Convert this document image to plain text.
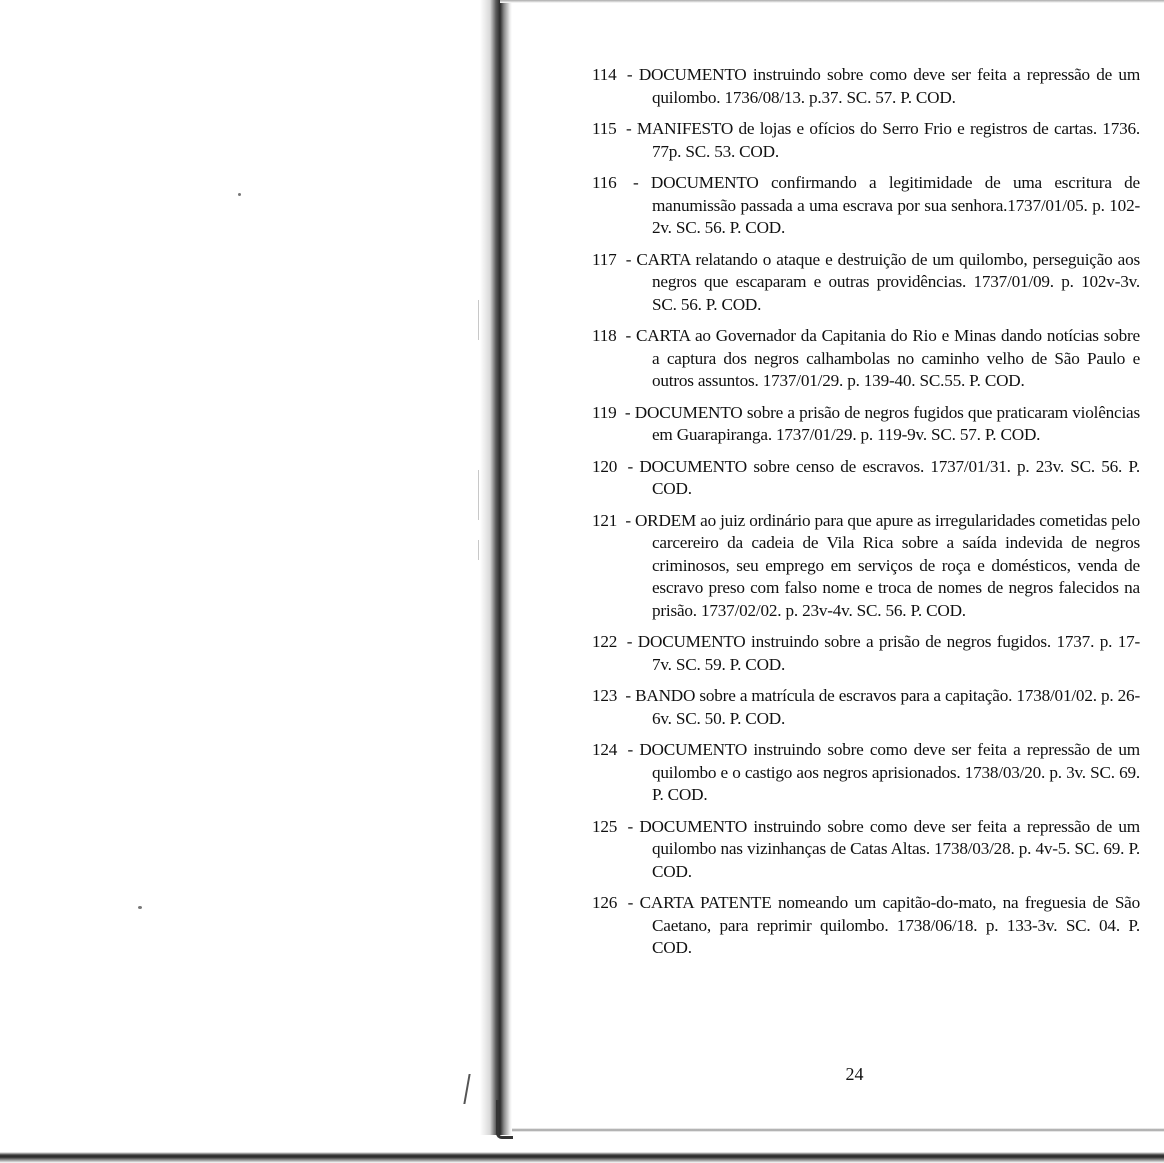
114 - DOCUMENTO instruindo sobre como deve ser feita a repressão de um quilombo. 1736/08/13. p.37. SC. 57. P. COD.
115 - MANIFESTO de lojas e ofícios do Serro Frio e registros de cartas. 1736. 77p. SC. 53. COD.
116 - DOCUMENTO confirmando a legitimidade de uma escritura de manumissão passada a uma escrava por sua senhora.1737/01/05. p. 102-2v. SC. 56. P. COD.
117 - CARTA relatando o ataque e destruição de um quilombo, perseguição aos negros que escaparam e outras providências. 1737/01/09. p. 102v-3v. SC. 56. P. COD.
118 - CARTA ao Governador da Capitania do Rio e Minas dando notícias sobre a captura dos negros calhambolas no caminho velho de São Paulo e outros assuntos. 1737/01/29. p. 139-40. SC.55. P. COD.
119 - DOCUMENTO sobre a prisão de negros fugidos que praticaram violências em Guarapiranga. 1737/01/29. p. 119-9v. SC. 57. P. COD.
120 - DOCUMENTO sobre censo de escravos. 1737/01/31. p. 23v. SC. 56. P. COD.
121 - ORDEM ao juiz ordinário para que apure as irregularidades cometidas pelo carcereiro da cadeia de Vila Rica sobre a saída indevida de negros criminosos, seu emprego em serviços de roça e domésticos, venda de escravo preso com falso nome e troca de nomes de negros falecidos na prisão. 1737/02/02. p. 23v-4v. SC. 56. P. COD.
122 - DOCUMENTO instruindo sobre a prisão de negros fugidos. 1737. p. 17-7v. SC. 59. P. COD.
123 - BANDO sobre a matrícula de escravos para a capitação. 1738/01/02. p. 26-6v. SC. 50. P. COD.
124 - DOCUMENTO instruindo sobre como deve ser feita a repressão de um quilombo e o castigo aos negros aprisionados. 1738/03/20. p. 3v. SC. 69. P. COD.
125 - DOCUMENTO instruindo sobre como deve ser feita a repressão de um quilombo nas vizinhanças de Catas Altas. 1738/03/28. p. 4v-5. SC. 69. P. COD.
126 - CARTA PATENTE nomeando um capitão-do-mato, na freguesia de São Caetano, para reprimir quilombo. 1738/06/18. p. 133-3v. SC. 04. P. COD.
24
